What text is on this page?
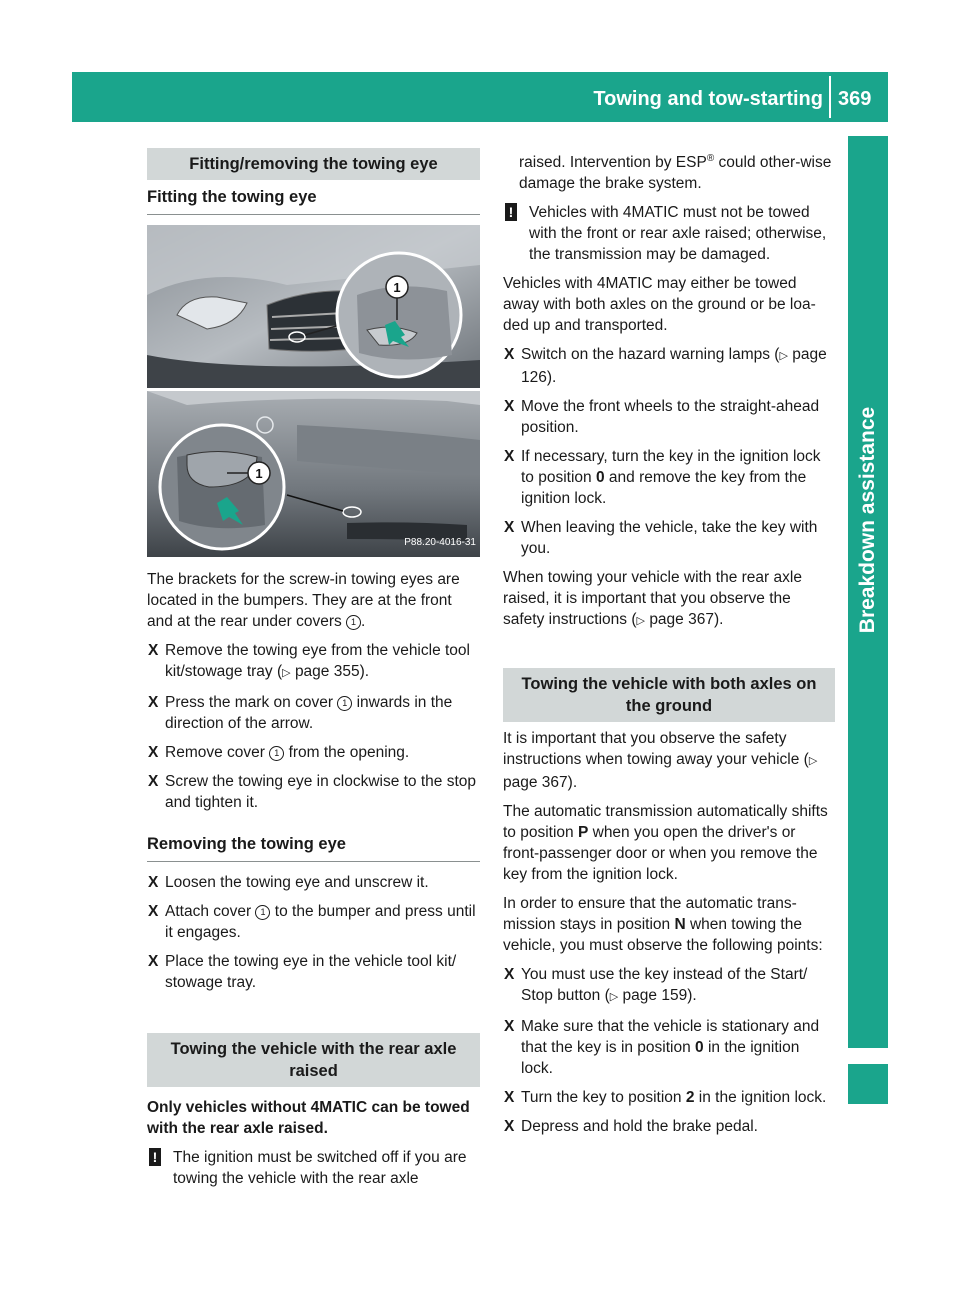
Towing and tow-starting 369
Breakdown assistance
Fitting/removing the towing eye
Fitting the towing eye
1
1
P88.20-4016-31

The brackets for the screw-in towing eyes are located in the bumpers. They are at the front and at the rear under covers 1 .

X Remove the towing eye from the vehicle tool kit/stowage tray (▷ page 355).
X Press the mark on cover 1 inwards in the direction of the arrow.
X Remove cover 1 from the opening.
X Screw the towing eye in clockwise to the stop and tighten it.
Removing the towing eye
X Loosen the towing eye and unscrew it.
X Attach cover 1 to the bumper and press until it engages.
X Place the towing eye in the vehicle tool kit/ stowage tray.
Towing the vehicle with the rear axle raised

Only vehicles without 4MATIC can be towed with the rear axle raised.

! The ignition must be switched off if you are towing the vehicle with the rear axle

raised. Intervention by ESP® could other-wise damage the brake system.

! Vehicles with 4MATIC must not be towed with the front or rear axle raised; otherwise, the transmission may be damaged.

Vehicles with 4MATIC may either be towed away with both axles on the ground or be loa-ded up and transported.

X Switch on the hazard warning lamps (▷ page 126).
X Move the front wheels to the straight-ahead position.
X If necessary, turn the key in the ignition lock to position 0 and remove the key from the ignition lock.
X When leaving the vehicle, take the key with you.

When towing your vehicle with the rear axle raised, it is important that you observe the safety instructions (▷ page 367).

Towing the vehicle with both axles on the ground

It is important that you observe the safety instructions when towing away your vehicle (▷ page 367).

The automatic transmission automatically shifts to position P when you open the driver's or front-passenger door or when you remove the key from the ignition lock.

In order to ensure that the automatic trans-mission stays in position N when towing the vehicle, you must observe the following points:

X You must use the key instead of the Start/ Stop button (▷ page 159).
X Make sure that the vehicle is stationary and that the key is in position 0 in the ignition lock.
X Turn the key to position 2 in the ignition lock.
X Depress and hold the brake pedal.
